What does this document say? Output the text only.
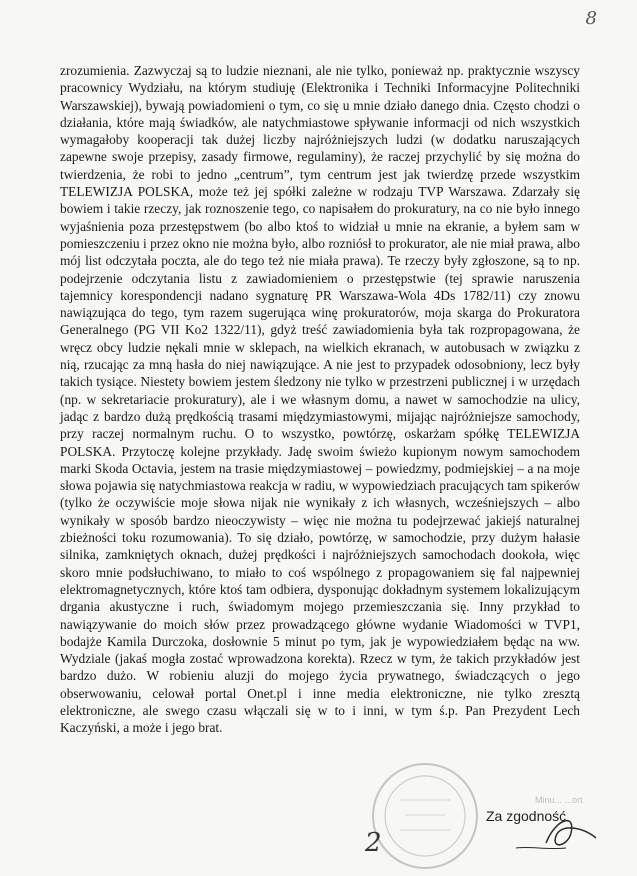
8
zrozumienia. Zazwyczaj są to ludzie nieznani, ale nie tylko, ponieważ np. praktycznie wszyscy pracownicy Wydziału, na którym studiuję (Elektronika i Techniki Informacyjne Politechniki Warszawskiej), bywają powiadomieni o tym, co się u mnie działo danego dnia. Często chodzi o działania, które mają świadków, ale natychmiastowe spływanie informacji od nich wszystkich wymagałoby kooperacji tak dużej liczby najróżniejszych ludzi (w dodatku naruszających zapewne swoje przepisy, zasady firmowe, regulaminy), że raczej przychylić by się można do twierdzenia, że robi to jedno „centrum”, tym centrum jest jak twierdzę przede wszystkim TELEWIZJA POLSKA, może też jej spółki zależne w rodzaju TVP Warszawa. Zdarzały się bowiem i takie rzeczy, jak roznoszenie tego, co napisałem do prokuratury, na co nie było innego wyjaśnienia poza przestępstwem (bo albo ktoś to widział u mnie na ekranie, a byłem sam w pomieszczeniu i przez okno nie można było, albo rozniósł to prokurator, ale nie miał prawa, albo mój list odczytała poczta, ale do tego też nie miała prawa). Te rzeczy były zgłoszone, są to np. podejrzenie odczytania listu z zawiadomieniem o przestępstwie (tej sprawie naruszenia tajemnicy korespondencji nadano sygnaturę PR Warszawa-Wola 4Ds 1782/11) czy znowu nawiązująca do tego, tym razem sugerująca winę prokuratorów, moja skarga do Prokuratora Generalnego (PG VII Ko2 1322/11), gdyż treść zawiadomienia była tak rozpropagowana, że wręcz obcy ludzie nękali mnie w sklepach, na wielkich ekranach, w autobusach w związku z nią, rzucając za mną hasła do niej nawiązujące. A nie jest to przypadek odosobniony, lecz były takich tysiące. Niestety bowiem jestem śledzony nie tylko w przestrzeni publicznej i w urzędach (np. w sekretariacie prokuratury), ale i we własnym domu, a nawet w samochodzie na ulicy, jadąc z bardzo dużą prędkością trasami międzymiastowymi, mijając najróżniejsze samochody, przy raczej normalnym ruchu. O to wszystko, powtórzę, oskarżam spółkę TELEWIZJA POLSKA. Przytoczę kolejne przykłady. Jadę swoim świeżo kupionym nowym samochodem marki Skoda Octavia, jestem na trasie międzymiastowej – powiedzmy, podmiejskiej – a na moje słowa pojawia się natychmiastowa reakcja w radiu, w wypowiedziach pracujących tam spikerów (tylko że oczywiście moje słowa nijak nie wynikały z ich własnych, wcześniejszych – albo wynikały w sposób bardzo nieoczywisty – więc nie można tu podejrzewać jakiejś naturalnej zbieżności toku rozumowania). To się działo, powtórzę, w samochodzie, przy dużym hałasie silnika, zamkniętych oknach, dużej prędkości i najróżniejszych samochodach dookoła, więc skoro mnie podsłuchiwano, to miało to coś wspólnego z propagowaniem się fal najpewniej elektromagnetycznych, które ktoś tam odbiera, dysponując dokładnym systemem lokalizującym drgania akustyczne i ruch, świadomym mojego przemieszczania się. Inny przykład to nawiązywanie do moich słów przez prowadzącego główne wydanie Wiadomości w TVP1, bodajże Kamila Durczoka, dosłownie 5 minut po tym, jak je wypowiedziałem będąc na ww. Wydziale (jakaś mogła zostać wprowadzona korekta). Rzecz w tym, że takich przykładów jest bardzo dużo. W robieniu aluzji do mojego życia prywatnego, świadczących o jego obserwowaniu, celował portal Onet.pl i inne media elektroniczne, nie tylko zresztą elektroniczne, ale swego czasu włączali się w to i inni, w tym ś.p. Pan Prezydent Lech Kaczyński, a może i jego brat.
Minu... ...ort
Za zgodność
2
